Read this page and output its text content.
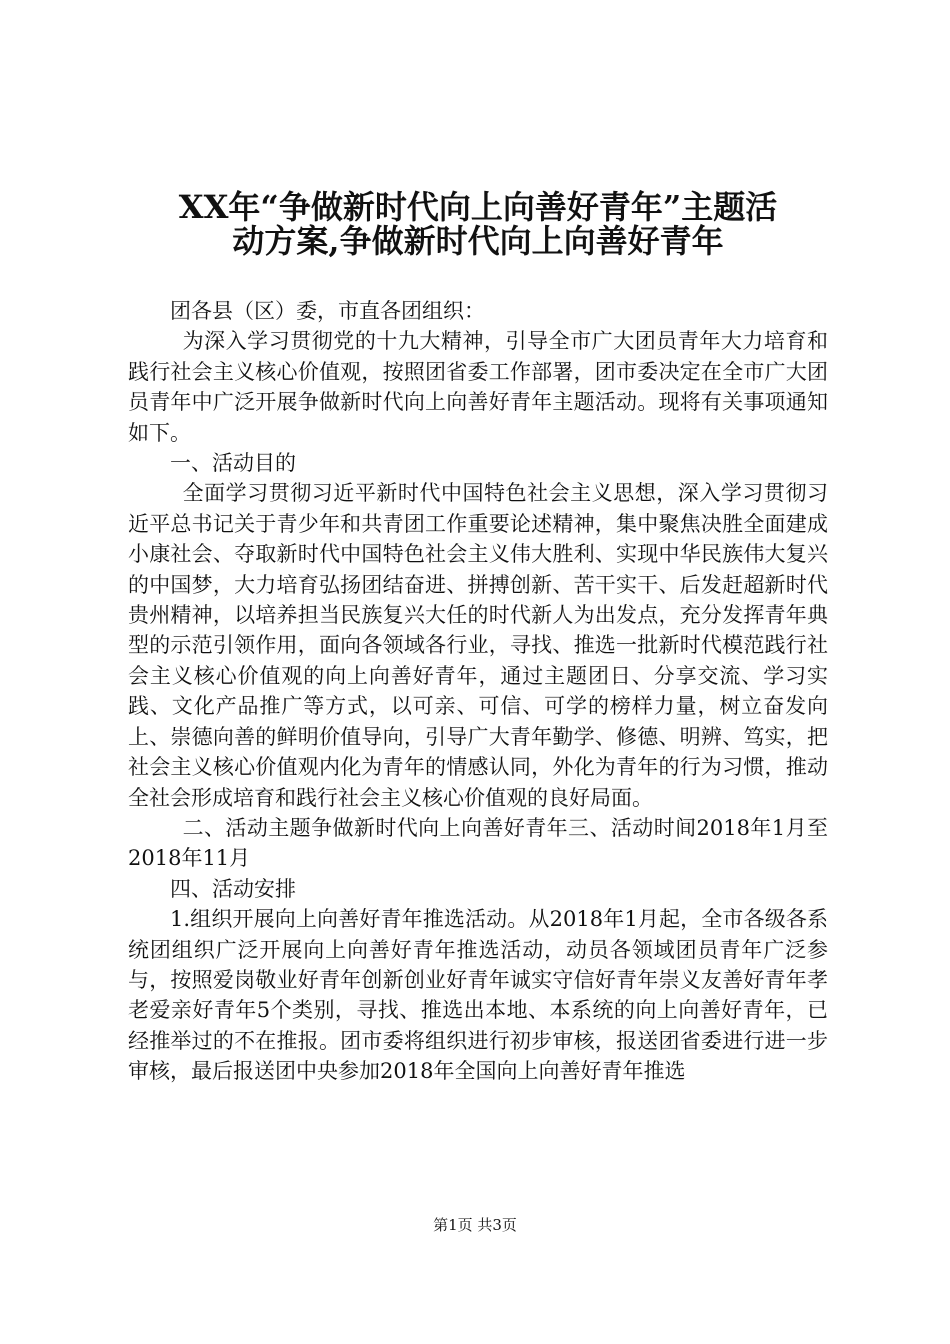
XX年“争做新时代向上向善好青年”主题活
动方案,争做新时代向上向善好青年

团各县（区）委，市直各团组织：

为深入学习贯彻党的十九大精神，引导全市广大团员青年大力培育和践行社会主义核心价值观，按照团省委工作部署，团市委决定在全市广大团员青年中广泛开展争做新时代向上向善好青年主题活动。现将有关事项通知如下。

一、活动目的

全面学习贯彻习近平新时代中国特色社会主义思想，深入学习贯彻习近平总书记关于青少年和共青团工作重要论述精神，集中聚焦决胜全面建成小康社会、夺取新时代中国特色社会主义伟大胜利、实现中华民族伟大复兴的中国梦，大力培育弘扬团结奋进、拼搏创新、苦干实干、后发赶超新时代贵州精神，以培养担当民族复兴大任的时代新人为出发点，充分发挥青年典型的示范引领作用，面向各领域各行业，寻找、推选一批新时代模范践行社会主义核心价值观的向上向善好青年，通过主题团日、分享交流、学习实践、文化产品推广等方式，以可亲、可信、可学的榜样力量，树立奋发向上、崇德向善的鲜明价值导向，引导广大青年勤学、修德、明辨、笃实，把社会主义核心价值观内化为青年的情感认同，外化为青年的行为习惯，推动全社会形成培育和践行社会主义核心价值观的良好局面。

二、活动主题争做新时代向上向善好青年三、活动时间2018年1月至2018年11月

四、活动安排

1.组织开展向上向善好青年推选活动。从2018年1月起，全市各级各系统团组织广泛开展向上向善好青年推选活动，动员各领域团员青年广泛参与，按照爱岗敬业好青年创新创业好青年诚实守信好青年崇义友善好青年孝老爱亲好青年5个类别，寻找、推选出本地、本系统的向上向善好青年，已经推举过的不在推报。团市委将组织进行初步审核，报送团省委进行进一步审核，最后报送团中央参加2018年全国向上向善好青年推选

第1页 共3页
